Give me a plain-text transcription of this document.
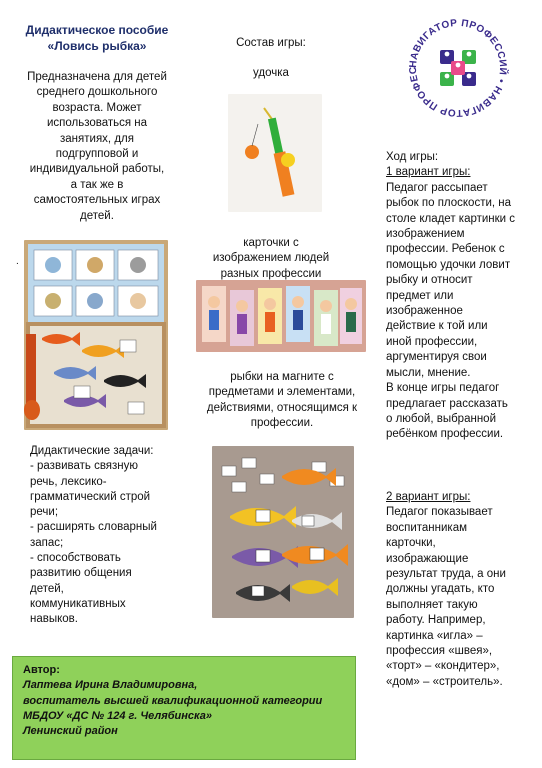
Дидактическое пособие
«Ловись рыбка»
Предназначена для детей
среднего дошкольного
возраста. Может
использоваться на
занятиях, для
подгрупповой и
индивидуальной работы,
а так же в
самостоятельных играх
детей.
.
Дидактические задачи:
- развивать связную
речь, лексико-
грамматический строй
речи;
- расширять словарный
запас;
- способствовать
развитию общения
детей,
коммуникативных
навыков.
Состав игры:
удочка
карточки с
изображением людей
разных профессии
рыбки на магните с
предметами и элементами,
действиями, относящимся к
профессии.
НАВИГАТОР ПРОФЕССИЙ • НАВИГАТОР ПРОФЕС
Ход игры:
1 вариант игры:
Педагог рассыпает
рыбок по плоскости, на
столе кладет картинки с
изображением
профессии. Ребенок с
помощью удочки ловит
рыбку и относит
предмет или
изображенное
действие к той или
иной профессии,
аргументируя свои
мысли, мнение.
В конце игры педагог
предлагает рассказать
о любой, выбранной
ребёнком профессии.
2 вариант игры:
Педагог показывает
воспитанникам
карточки,
изображающие
результат труда, а они
должны угадать, кто
выполняет такую
работу. Например,
картинка «игла» –
профессия «швея»,
«торт» – «кондитер»,
«дом» – «строитель».
Автор:
Лаптева Ирина Владимировна,
воспитатель высшей квалификационной категории
МБДОУ «ДС № 124 г. Челябинска»
Ленинский район
